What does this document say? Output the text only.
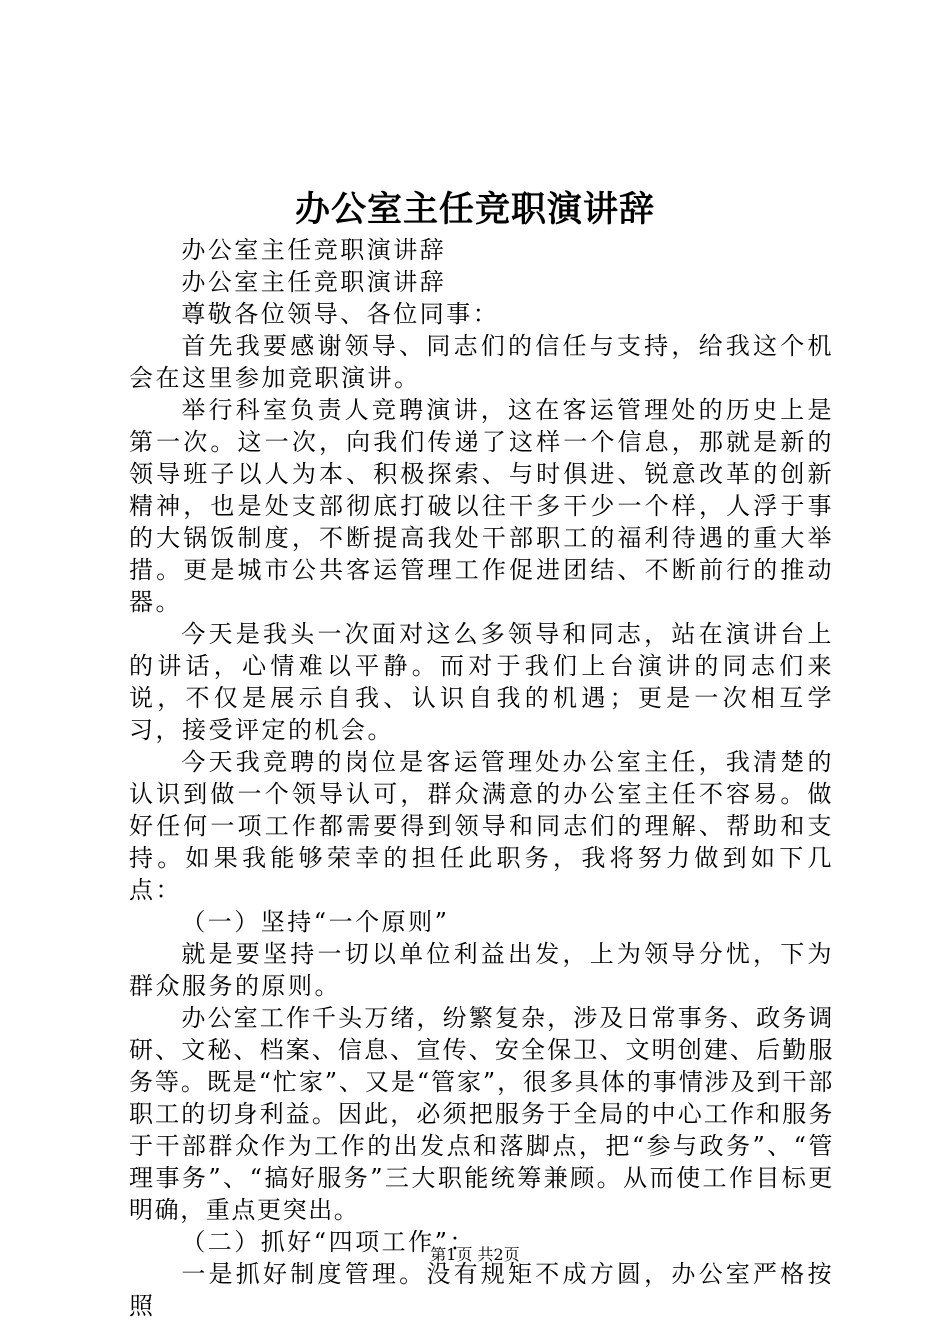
办公室主任竞职演讲辞

办公室主任竞职演讲辞

办公室主任竞职演讲辞

尊敬各位领导、各位同事：

首先我要感谢领导、同志们的信任与支持，给我这个机会在这里参加竞职演讲。

举行科室负责人竞聘演讲，这在客运管理处的历史上是第一次。这一次，向我们传递了这样一个信息，那就是新的领导班子以人为本、积极探索、与时俱进、锐意改革的创新精神，也是处支部彻底打破以往干多干少一个样，人浮于事的大锅饭制度，不断提高我处干部职工的福利待遇的重大举措。更是城市公共客运管理工作促进团结、不断前行的推动器。

今天是我头一次面对这么多领导和同志，站在演讲台上的讲话，心情难以平静。而对于我们上台演讲的同志们来说，不仅是展示自我、认识自我的机遇；更是一次相互学习，接受评定的机会。

今天我竞聘的岗位是客运管理处办公室主任，我清楚的认识到做一个领导认可，群众满意的办公室主任不容易。做好任何一项工作都需要得到领导和同志们的理解、帮助和支持。如果我能够荣幸的担任此职务，我将努力做到如下几点：

（一）坚持“一个原则”

就是要坚持一切以单位利益出发，上为领导分忧，下为群众服务的原则。

办公室工作千头万绪，纷繁复杂，涉及日常事务、政务调研、文秘、档案、信息、宣传、安全保卫、文明创建、后勤服务等。既是“忙家”、又是“管家”，很多具体的事情涉及到干部职工的切身利益。因此，必须把服务于全局的中心工作和服务于干部群众作为工作的出发点和落脚点，把“参与政务”、“管理事务”、“搞好服务”三大职能统筹兼顾。从而使工作目标更明确，重点更突出。

（二）抓好“四项工作”：

一是抓好制度管理。没有规矩不成方圆，办公室严格按照

第1页 共2页
